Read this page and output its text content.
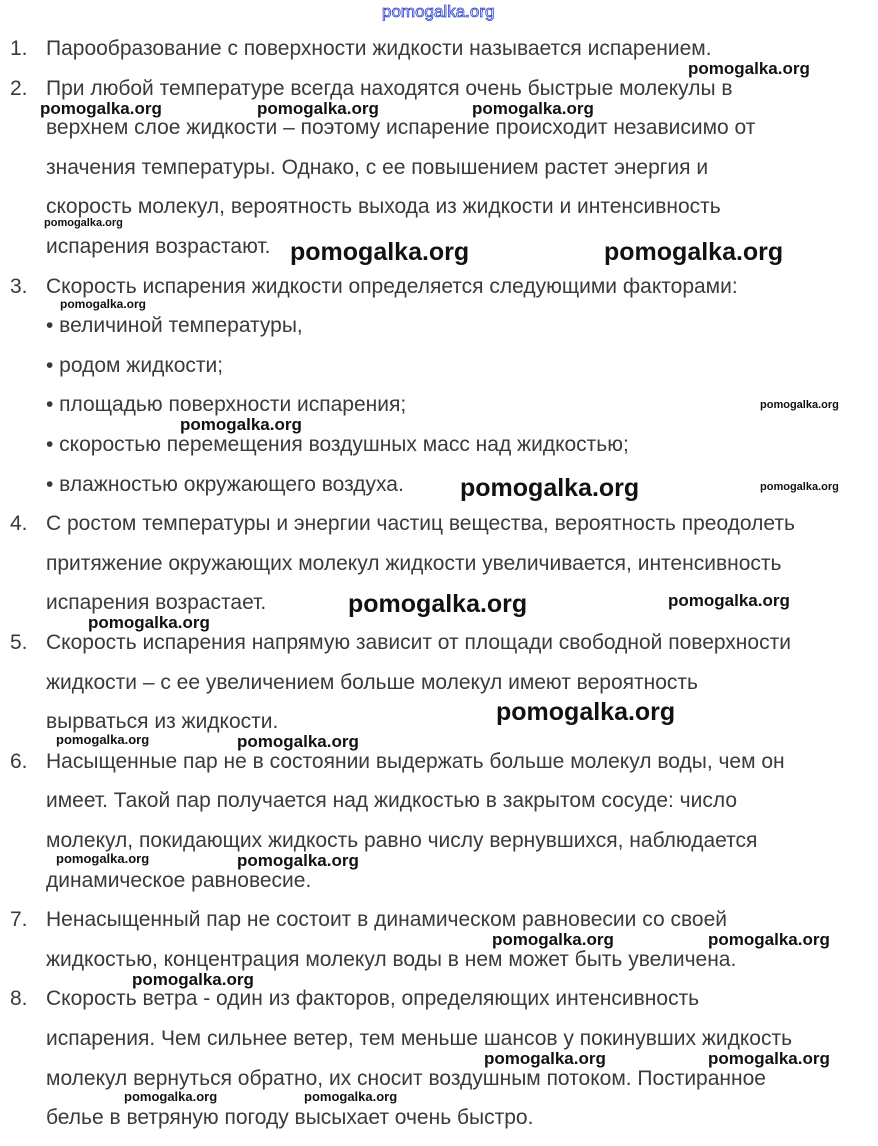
pomogalka.org
1. Парообразование с поверхности жидкости называется испарением.
2. При любой температуре всегда находятся очень быстрые молекулы в
верхнем слое жидкости – поэтому испарение происходит независимо от
значения температуры. Однако, с ее повышением растет энергия и
скорость молекул, вероятность выхода из жидкости и интенсивность
испарения возрастают.
3. Скорость испарения жидкости определяется следующими факторами:
• величиной температуры,
• родом жидкости;
• площадью поверхности испарения;
• скоростью перемещения воздушных масс над жидкостью;
• влажностью окружающего воздуха.
4. С ростом температуры и энергии частиц вещества, вероятность преодолеть
притяжение окружающих молекул жидкости увеличивается, интенсивность
испарения возрастает.
5. Скорость испарения напрямую зависит от площади свободной поверхности
жидкости – с ее увеличением больше молекул имеют вероятность
вырваться из жидкости.
6. Насыщенные пар не в состоянии выдержать больше молекул воды, чем он
имеет. Такой пар получается над жидкостью в закрытом сосуде: число
молекул, покидающих жидкость равно числу вернувшихся, наблюдается
динамическое равновесие.
7. Ненасыщенный пар не состоит в динамическом равновесии со своей
жидкостью, концентрация молекул воды в нем может быть увеличена.
8. Скорость ветра - один из факторов, определяющих интенсивность
испарения. Чем сильнее ветер, тем меньше шансов у покинувших жидкость
молекул вернуться обратно, их сносит воздушным потоком. Постиранное
белье в ветряную погоду высыхает очень быстро.
pomogalka.org
pomogalka.org	pomogalka.org	pomogalka.org
pomogalka.org
pomogalka.org	pomogalka.org
pomogalka.org
pomogalka.org
pomogalka.org
pomogalka.org	pomogalka.org
pomogalka.org	pomogalka.org
pomogalka.org
pomogalka.org	pomogalka.org
pomogalka.org
pomogalka.org	pomogalka.org
pomogalka.org	pomogalka.org
pomogalka.org
pomogalka.org	pomogalka.org
pomogalka.org	pomogalka.org
